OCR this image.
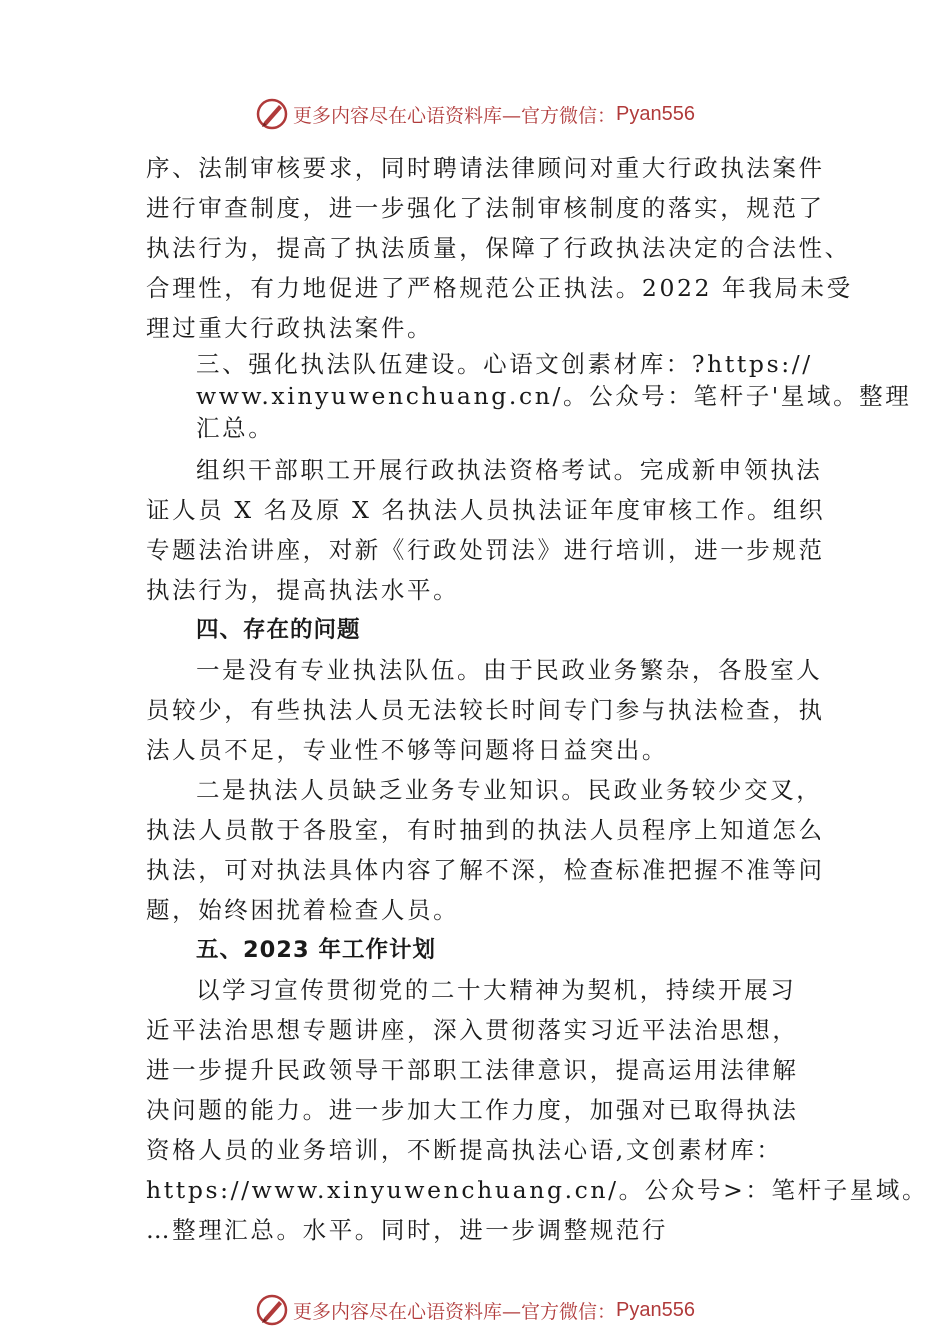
更多内容尽在心语资料库—官方微信： Pyan556
序、法制审核要求，同时聘请法律顾问对重大行政执法案件
进行审查制度，进一步强化了法制审核制度的落实，规范了
执法行为，提高了执法质量，保障了行政执法决定的合法性、
合理性，有力地促进了严格规范公正执法。2022 年我局未受
理过重大行政执法案件。
三、强化执法队伍建设。心语文创素材库：?https://
www.xinyuwenchuang.cn/。公众号：笔杆子'星域。整理
汇总。
组织干部职工开展行政执法资格考试。完成新申领执法
证人员 X 名及原 X 名执法人员执法证年度审核工作。组织
专题法治讲座，对新《行政处罚法》进行培训，进一步规范
执法行为，提高执法水平。
四、存在的问题
一是没有专业执法队伍。由于民政业务繁杂，各股室人
员较少，有些执法人员无法较长时间专门参与执法检查，执
法人员不足，专业性不够等问题将日益突出。
二是执法人员缺乏业务专业知识。民政业务较少交叉，
执法人员散于各股室，有时抽到的执法人员程序上知道怎么
执法，可对执法具体内容了解不深，检查标准把握不准等问
题，始终困扰着检查人员。
五、2023 年工作计划
以学习宣传贯彻党的二十大精神为契机，持续开展习
近平法治思想专题讲座，深入贯彻落实习近平法治思想，
进一步提升民政领导干部职工法律意识，提高运用法律解
决问题的能力。进一步加大工作力度，加强对已取得执法
资格人员的业务培训，不断提高执法心语,文创素材库：
https://www.xinyuwenchuang.cn/。公众号>：笔杆子星域。
…整理汇总。水平。同时，进一步调整规范行
更多内容尽在心语资料库—官方微信： Pyan556
